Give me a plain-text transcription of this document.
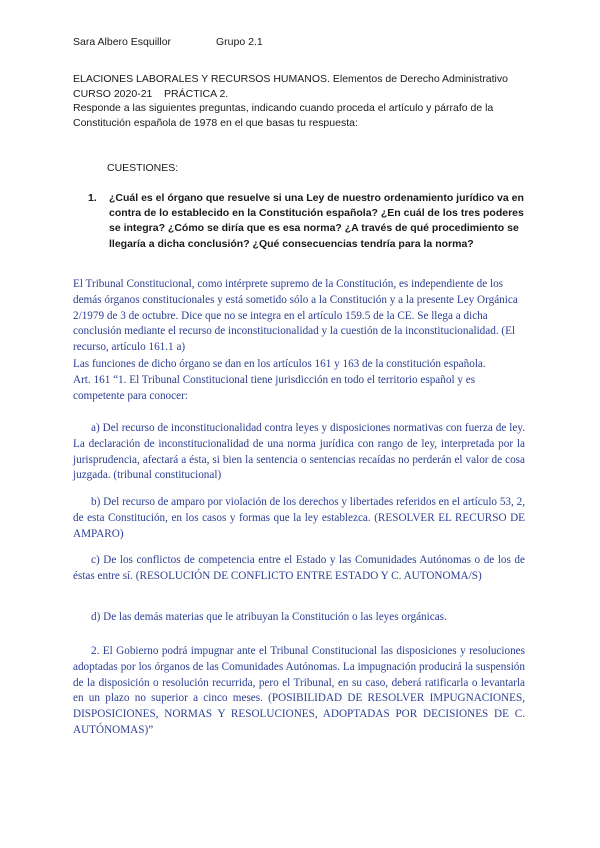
Sara Albero Esquillor	Grupo 2.1
ELACIONES LABORALES Y RECURSOS HUMANOS. Elementos de Derecho Administrativo
CURSO 2020-21    PRÁCTICA 2.
Responde a las siguientes preguntas, indicando cuando proceda el artículo y párrafo de la Constitución española de 1978 en el que basas tu respuesta:
CUESTIONES:
1. ¿Cuál es el órgano que resuelve si una Ley de nuestro ordenamiento jurídico va en contra de lo establecido en la Constitución española? ¿En cuál de los tres poderes se integra? ¿Cómo se diría que es esa norma? ¿A través de qué procedimiento se llegaría a dicha conclusión? ¿Qué consecuencias tendría para la norma?
El Tribunal Constitucional, como intérprete supremo de la Constitución, es independiente de los demás órganos constitucionales y está sometido sólo a la Constitución y a la presente Ley Orgánica 2/1979 de 3 de octubre. Dice que no se integra en el artículo 159.5 de la CE. Se llega a dicha conclusión mediante el recurso de inconstitucionalidad y la cuestión de la inconstitucionalidad. (El recurso, artículo 161.1 a)
Las funciones de dicho órgano se dan en los artículos 161 y 163 de la constitución española.
Art. 161 “1. El Tribunal Constitucional tiene jurisdicción en todo el territorio español y es competente para conocer:
a) Del recurso de inconstitucionalidad contra leyes y disposiciones normativas con fuerza de ley. La declaración de inconstitucionalidad de una norma jurídica con rango de ley, interpretada por la jurisprudencia, afectará a ésta, si bien la sentencia o sentencias recaídas no perderán el valor de cosa juzgada. (tribunal constitucional)
b) Del recurso de amparo por violación de los derechos y libertades referidos en el artículo 53, 2, de esta Constitución, en los casos y formas que la ley establezca. (RESOLVER EL RECURSO DE AMPARO)
c) De los conflictos de competencia entre el Estado y las Comunidades Autónomas o de los de éstas entre sí. (RESOLUCIÓN DE CONFLICTO ENTRE ESTADO Y C. AUTONOMA/S)
d) De las demás materias que le atribuyan la Constitución o las leyes orgánicas.
2. El Gobierno podrá impugnar ante el Tribunal Constitucional las disposiciones y resoluciones adoptadas por los órganos de las Comunidades Autónomas. La impugnación producirá la suspensión de la disposición o resolución recurrida, pero el Tribunal, en su caso, deberá ratificarla o levantarla en un plazo no superior a cinco meses. (POSIBILIDAD DE RESOLVER IMPUGNACIONES, DISPOSICIONES, NORMAS Y RESOLUCIONES, ADOPTADAS POR DECISIONES DE C. AUTÓNOMAS)”
